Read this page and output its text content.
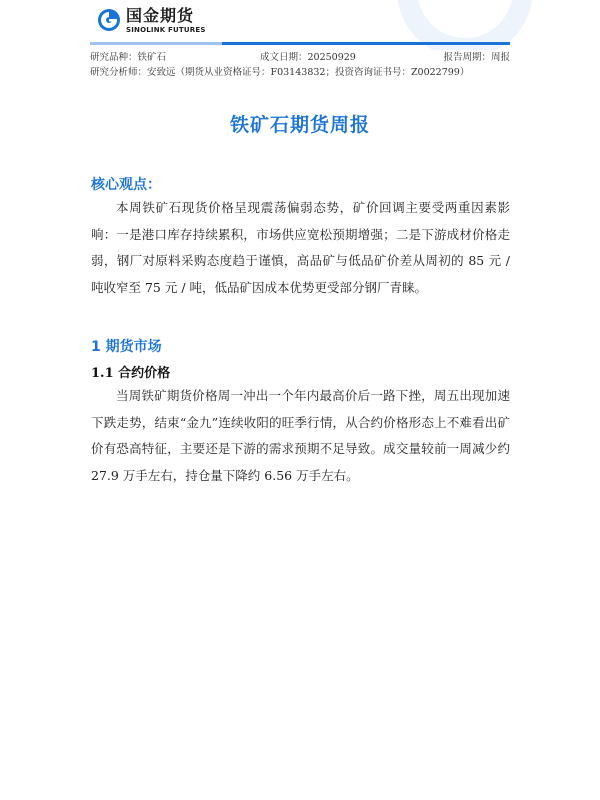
国金期货
SINOLINK FUTURES
研究品种：铁矿石	成文日期：20250929	报告周期：周报
研究分析师：安致远（期货从业资格证号：F03143832；投资咨询证书号：Z0022799）
铁矿石期货周报
核心观点：

本周铁矿石现货价格呈现震荡偏弱态势，矿价回调主要受两重因素影响：一是港口库存持续累积，市场供应宽松预期增强；二是下游成材价格走弱，钢厂对原料采购态度趋于谨慎，高品矿与低品矿价差从周初的 85 元 / 吨收窄至 75 元 / 吨，低品矿因成本优势更受部分钢厂青睐。

1 期货市场
1.1 合约价格

当周铁矿期货价格周一冲出一个年内最高价后一路下挫，周五出现加速下跌走势，结束“金九”连续收阳的旺季行情，从合约价格形态上不难看出矿价有恐高特征，主要还是下游的需求预期不足导致。成交量较前一周减少约 27.9 万手左右，持仓量下降约 6.56 万手左右。
